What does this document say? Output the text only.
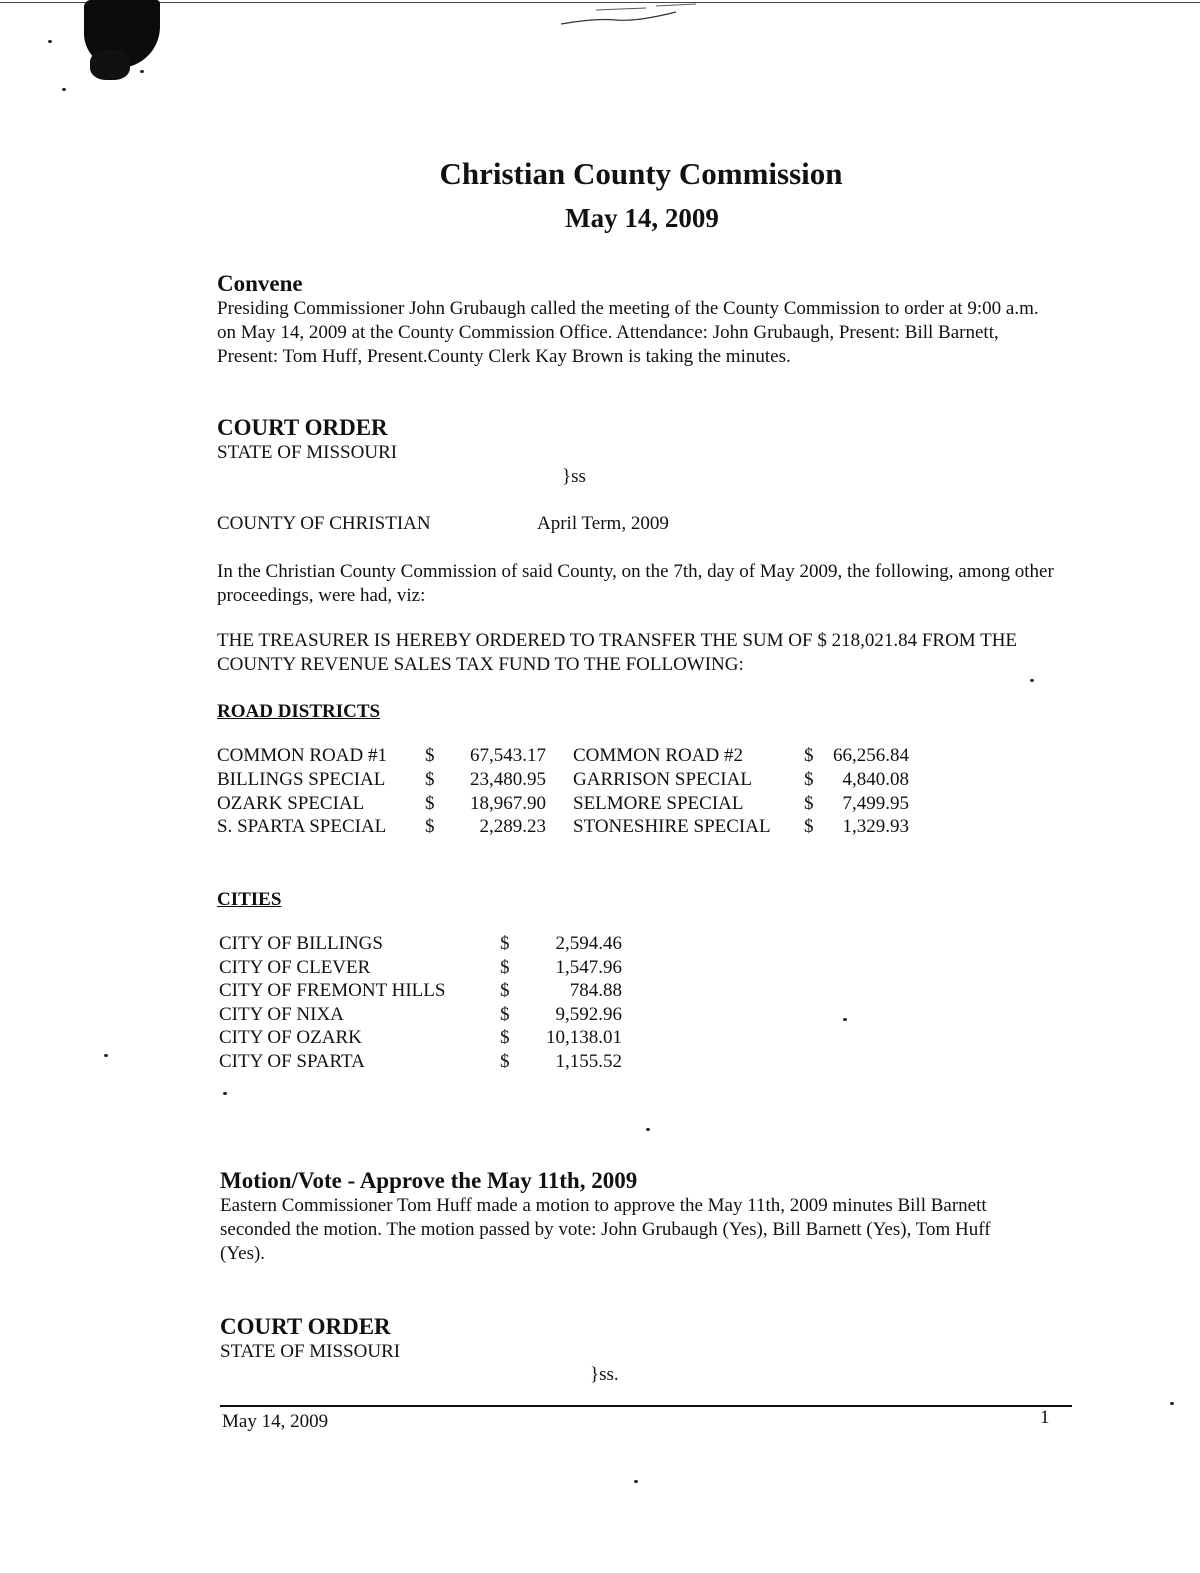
Christian County Commission
May 14, 2009
Convene
Presiding Commissioner John Grubaugh called the meeting of the County Commission to order at 9:00 a.m. on May 14, 2009 at the County Commission Office. Attendance: John Grubaugh, Present: Bill Barnett, Present: Tom Huff, Present.County Clerk Kay Brown is taking the minutes.
COURT ORDER
STATE OF MISSOURI
}ss
COUNTY OF CHRISTIAN	April Term, 2009
In the Christian County Commission of said County, on the 7th, day of May 2009, the following, among other proceedings, were had, viz:
THE TREASURER IS HEREBY ORDERED TO TRANSFER THE SUM OF $ 218,021.84 FROM THE COUNTY REVENUE SALES TAX FUND TO THE FOLLOWING:
ROAD DISTRICTS
COMMON ROAD #1 $	67,543.17 COMMON ROAD #2	$	66,256.84
BILLINGS SPECIAL $	23,480.95 GARRISON SPECIAL	$	4,840.08
OZARK SPECIAL	$	18,967.90 SELMORE SPECIAL	$	7,499.95
S. SPARTA SPECIAL $	2,289.23 STONESHIRE SPECIAL $	1,329.93
CITIES
CITY OF BILLINGS	$	2,594.46
CITY OF CLEVER	$	1,547.96
CITY OF FREMONT HILLS	$	784.88
CITY OF NIXA	$	9,592.96
CITY OF OZARK	$	10,138.01
CITY OF SPARTA	$	1,155.52
Motion/Vote - Approve the May 11th, 2009
Eastern Commissioner Tom Huff made a motion to approve the May 11th, 2009 minutes Bill Barnett seconded the motion. The motion passed by vote: John Grubaugh (Yes), Bill Barnett (Yes), Tom Huff (Yes).
COURT ORDER
STATE OF MISSOURI
}ss.
May 14, 2009	1
